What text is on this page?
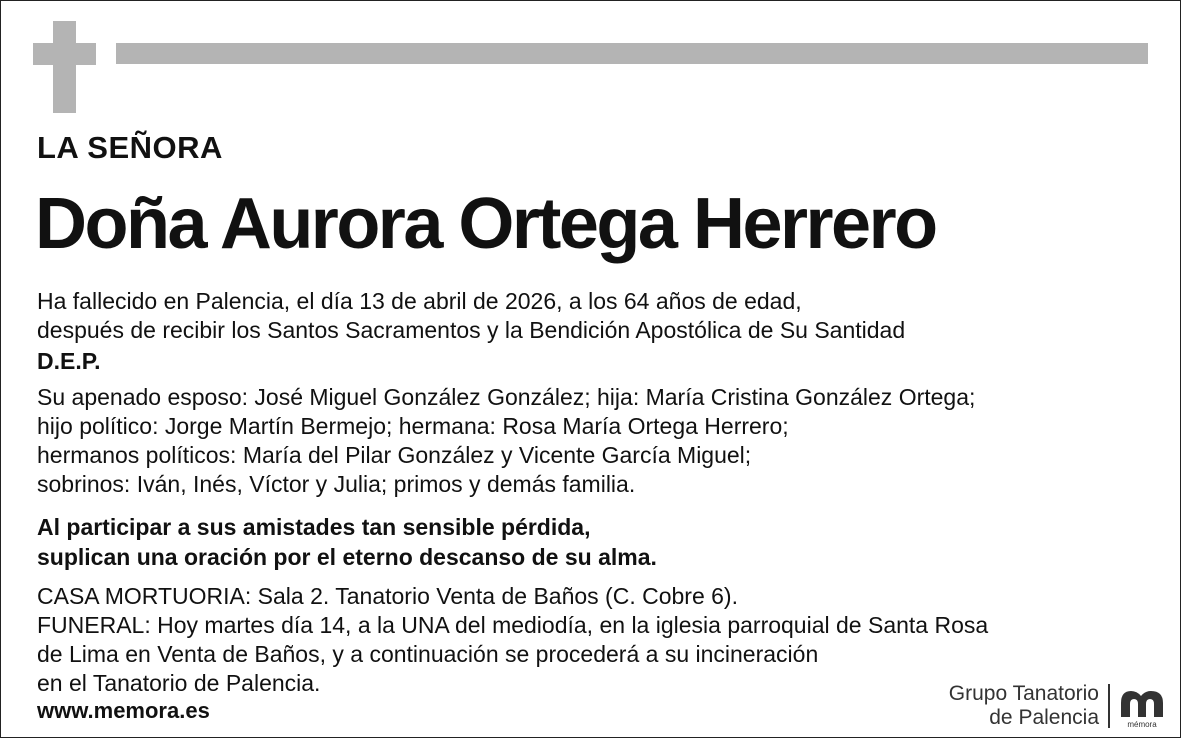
LA SEÑORA
Doña Aurora Ortega Herrero
Ha fallecido en Palencia, el día 13 de abril de 2026, a los 64 años de edad,
después de recibir los Santos Sacramentos y la Bendición Apostólica de Su Santidad
D.E.P.
Su apenado esposo: José Miguel González González; hija: María Cristina González Ortega;
hijo político: Jorge Martín Bermejo; hermana: Rosa María Ortega Herrero;
hermanos políticos: María del Pilar González y Vicente García Miguel;
sobrinos: Iván, Inés, Víctor y Julia; primos y demás familia.
Al participar a sus amistades tan sensible pérdida,
suplican una oración por el eterno descanso de su alma.
CASA MORTUORIA: Sala 2. Tanatorio Venta de Baños (C. Cobre 6).
FUNERAL: Hoy martes día 14, a la UNA del mediodía, en la iglesia parroquial de Santa Rosa
de Lima en Venta de Baños, y a continuación se procederá a su incineración
en el Tanatorio de Palencia.
www.memora.es
Grupo Tanatorio
de Palencia	mémora
